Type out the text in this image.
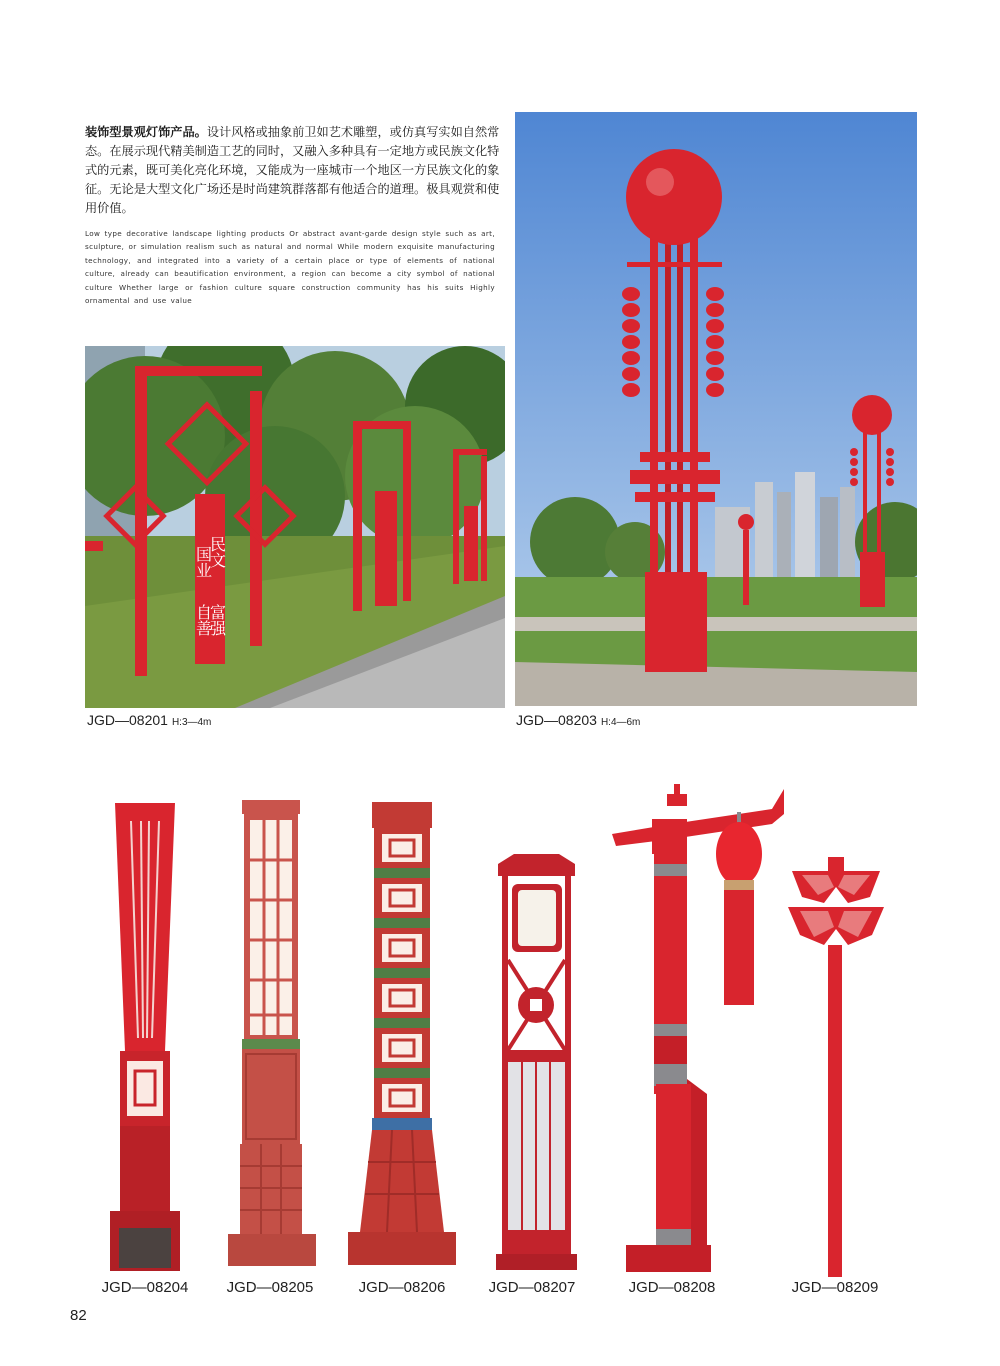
装饰型景观灯饰产品。设计风格或抽象前卫如艺术雕塑，或仿真写实如自然常态。在展示现代精美制造工艺的同时，又融入多种具有一定地方或民族文化特式的元素，既可美化亮化环境，又能成为一座城市一个地区一方民族文化的象征。无论是大型文化广场还是时尚建筑群落都有他适合的道理。极具观赏和使用价值。
Low type decorative landscape lighting products Or abstract avant-garde design style such as art, sculpture, or simulation realism such as natural and normal While modern exquisite manufacturing technology, and integrated into a variety of a certain place or type of elements of national culture, already can beautification environment, a region can become a city symbol of national culture Whether large or fashion culture square construction community has his suits Highly ornamental and use value
国业
民文
自善
富强
JGD—08201 H:3—4m	JGD—08203 H:4—6m
JGD—08204	JGD—08205	JGD—08206	JGD—08207	JGD—08208	JGD—08209
82
